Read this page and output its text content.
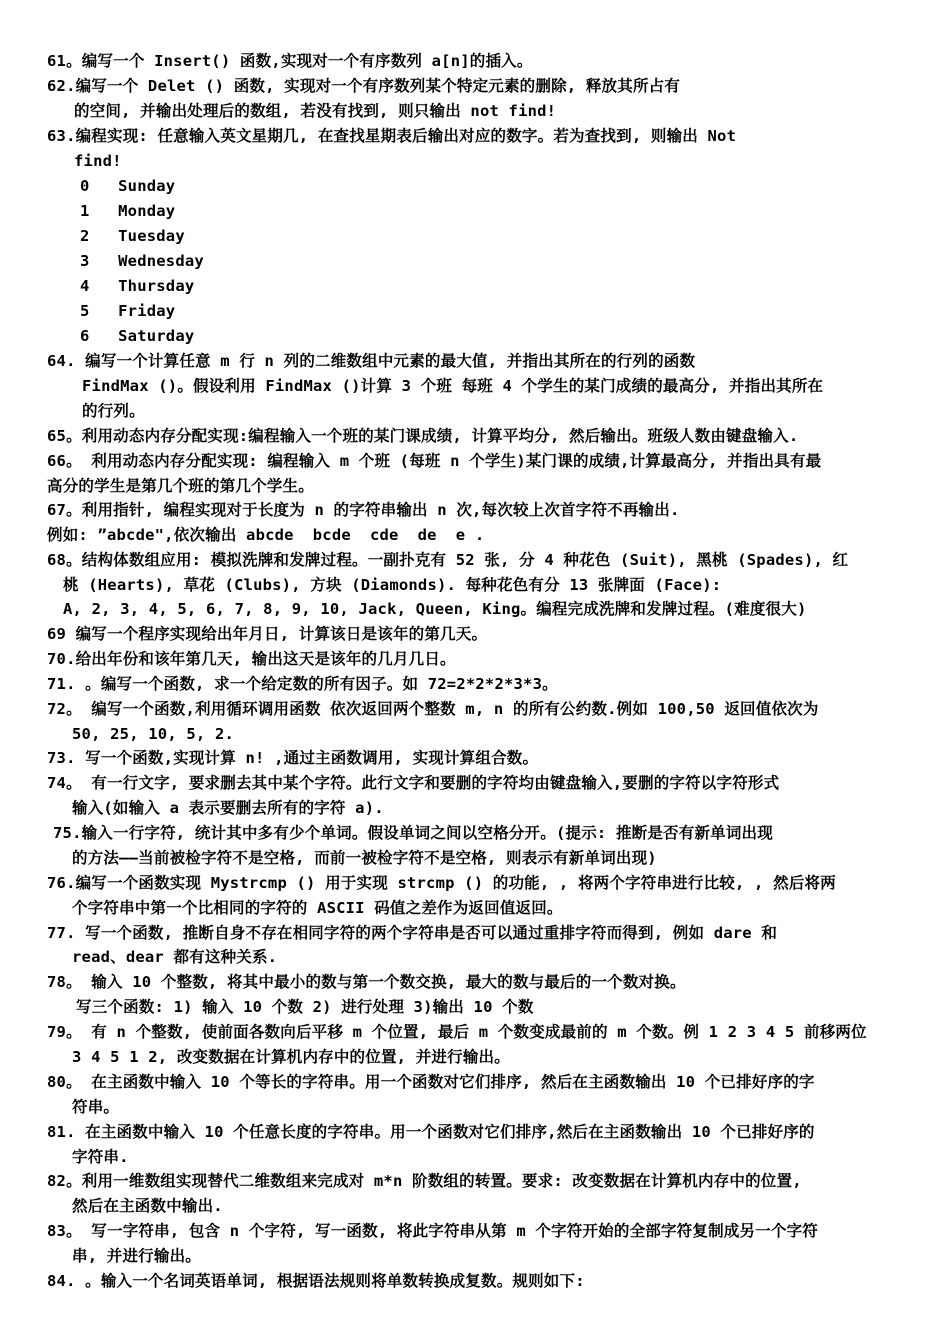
61。编写一个 Insert() 函数,实现对一个有序数列 a[n]的插入。
62.编写一个 Delet () 函数, 实现对一个有序数列某个特定元素的删除, 释放其所占有
的空间, 并输出处理后的数组, 若没有找到, 则只输出 not find!
63.编程实现: 任意输入英文星期几, 在查找星期表后输出对应的数字。若为查找到, 则输出 Not
find!
0   Sunday
1   Monday
2   Tuesday
3   Wednesday
4   Thursday
5   Friday
6   Saturday
64. 编写一个计算任意 m 行 n 列的二维数组中元素的最大值, 并指出其所在的行列的函数
FindMax ()。假设利用 FindMax ()计算 3 个班 每班 4 个学生的某门成绩的最高分, 并指出其所在
的行列。
65。利用动态内存分配实现:编程输入一个班的某门课成绩, 计算平均分, 然后输出。班级人数由键盘输入.
66。 利用动态内存分配实现: 编程输入 m 个班 (每班 n 个学生)某门课的成绩,计算最高分, 并指出具有最
高分的学生是第几个班的第几个学生。
67。利用指针, 编程实现对于长度为 n 的字符串输出 n 次,每次较上次首字符不再输出.
例如: ”abcde",依次输出 abcde  bcde  cde  de  e .
68。结构体数组应用: 模拟洗牌和发牌过程。一副扑克有 52 张, 分 4 种花色 (Suit), 黑桃 (Spades), 红
桃 (Hearts), 草花 (Clubs), 方块 (Diamonds). 每种花色有分 13 张牌面 (Face):
A, 2, 3, 4, 5, 6, 7, 8, 9, 10, Jack, Queen, King。编程完成洗牌和发牌过程。(难度很大)
69 编写一个程序实现给出年月日, 计算该日是该年的第几天。
70.给出年份和该年第几天, 输出这天是该年的几月几日。
71. 。编写一个函数, 求一个给定数的所有因子。如 72=2*2*2*3*3。
72。 编写一个函数,利用循环调用函数 依次返回两个整数 m, n 的所有公约数.例如 100,50 返回值依次为
50, 25, 10, 5, 2.
73. 写一个函数,实现计算 n! ,通过主函数调用, 实现计算组合数。
74。 有一行文字, 要求删去其中某个字符。此行文字和要删的字符均由键盘输入,要删的字符以字符形式
输入(如输入 a 表示要删去所有的字符 a).
75.输入一行字符, 统计其中多有少个单词。假设单词之间以空格分开。(提示: 推断是否有新单词出现
的方法——当前被检字符不是空格, 而前一被检字符不是空格, 则表示有新单词出现)
76.编写一个函数实现 Mystrcmp () 用于实现 strcmp () 的功能, , 将两个字符串进行比较, , 然后将两
个字符串中第一个比相同的字符的 ASCII 码值之差作为返回值返回。
77. 写一个函数, 推断自身不存在相同字符的两个字符串是否可以通过重排字符而得到, 例如 dare 和
read、dear 都有这种关系.
78。 输入 10 个整数, 将其中最小的数与第一个数交换, 最大的数与最后的一个数对换。
写三个函数: 1) 输入 10 个数 2) 进行处理 3)输出 10 个数
79。 有 n 个整数, 使前面各数向后平移 m 个位置, 最后 m 个数变成最前的 m 个数。例 1 2 3 4 5 前移两位
3 4 5 1 2, 改变数据在计算机内存中的位置, 并进行输出。
80。 在主函数中输入 10 个等长的字符串。用一个函数对它们排序, 然后在主函数输出 10 个已排好序的字
符串。
81. 在主函数中输入 10 个任意长度的字符串。用一个函数对它们排序,然后在主函数输出 10 个已排好序的
字符串.
82。利用一维数组实现替代二维数组来完成对 m*n 阶数组的转置。要求: 改变数据在计算机内存中的位置,
然后在主函数中输出.
83。 写一字符串, 包含 n 个字符, 写一函数, 将此字符串从第 m 个字符开始的全部字符复制成另一个字符
串, 并进行输出。
84. 。输入一个名词英语单词, 根据语法规则将单数转换成复数。规则如下:
